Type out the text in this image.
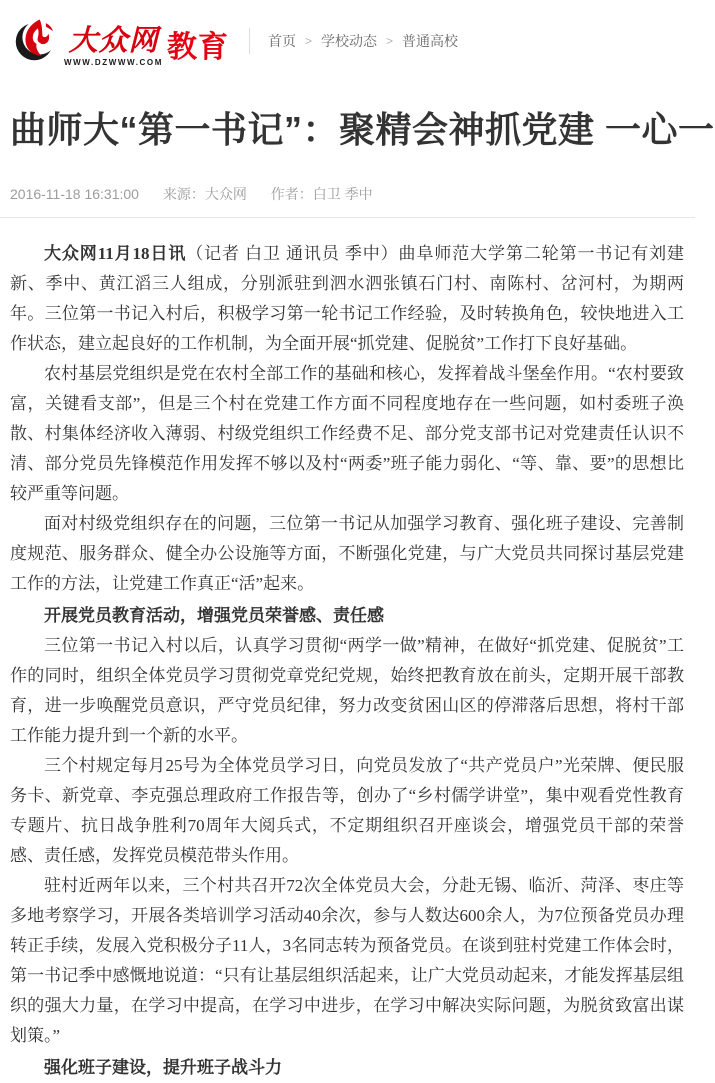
大众网
WWW.DZWWW.COM 教育	首页 > 学校动态 > 普通高校
曲师大“第一书记”：聚精会神抓党建 一心一
2016-11-18 16:31:00 来源：大众网 作者：白卫 季中

大众网11月18日讯（记者 白卫 通讯员 季中）曲阜师范大学第二轮第一书记有刘建新、季中、黄江滔三人组成，分别派驻到泗水泗张镇石门村、南陈村、岔河村，为期两年。三位第一书记入村后，积极学习第一轮书记工作经验，及时转换角色，较快地进入工作状态，建立起良好的工作机制，为全面开展“抓党建、促脱贫”工作打下良好基础。

农村基层党组织是党在农村全部工作的基础和核心，发挥着战斗堡垒作用。“农村要致富，关键看支部”，但是三个村在党建工作方面不同程度地存在一些问题，如村委班子涣散、村集体经济收入薄弱、村级党组织工作经费不足、部分党支部书记对党建责任认识不清、部分党员先锋模范作用发挥不够以及村“两委”班子能力弱化、“等、靠、要”的思想比较严重等问题。

面对村级党组织存在的问题，三位第一书记从加强学习教育、强化班子建设、完善制度规范、服务群众、健全办公设施等方面，不断强化党建，与广大党员共同探讨基层党建工作的方法，让党建工作真正“活”起来。

开展党员教育活动，增强党员荣誉感、责任感

三位第一书记入村以后，认真学习贯彻“两学一做”精神，在做好“抓党建、促脱贫”工作的同时，组织全体党员学习贯彻党章党纪党规，始终把教育放在前头，定期开展干部教育，进一步唤醒党员意识，严守党员纪律，努力改变贫困山区的停滞落后思想，将村干部工作能力提升到一个新的水平。

三个村规定每月25号为全体党员学习日，向党员发放了“共产党员户”光荣牌、便民服务卡、新党章、李克强总理政府工作报告等，创办了“乡村儒学讲堂”，集中观看党性教育专题片、抗日战争胜利70周年大阅兵式，不定期组织召开座谈会，增强党员干部的荣誉感、责任感，发挥党员模范带头作用。

驻村近两年以来，三个村共召开72次全体党员大会，分赴无锡、临沂、菏泽、枣庄等多地考察学习，开展各类培训学习活动40余次，参与人数达600余人，为7位预备党员办理转正手续，发展入党积极分子11人，3名同志转为预备党员。在谈到驻村党建工作体会时，第一书记季中感慨地说道：“只有让基层组织活起来，让广大党员动起来，才能发挥基层组织的强大力量，在学习中提高，在学习中进步，在学习中解决实际问题，为脱贫致富出谋划策。”

强化班子建设，提升班子战斗力
